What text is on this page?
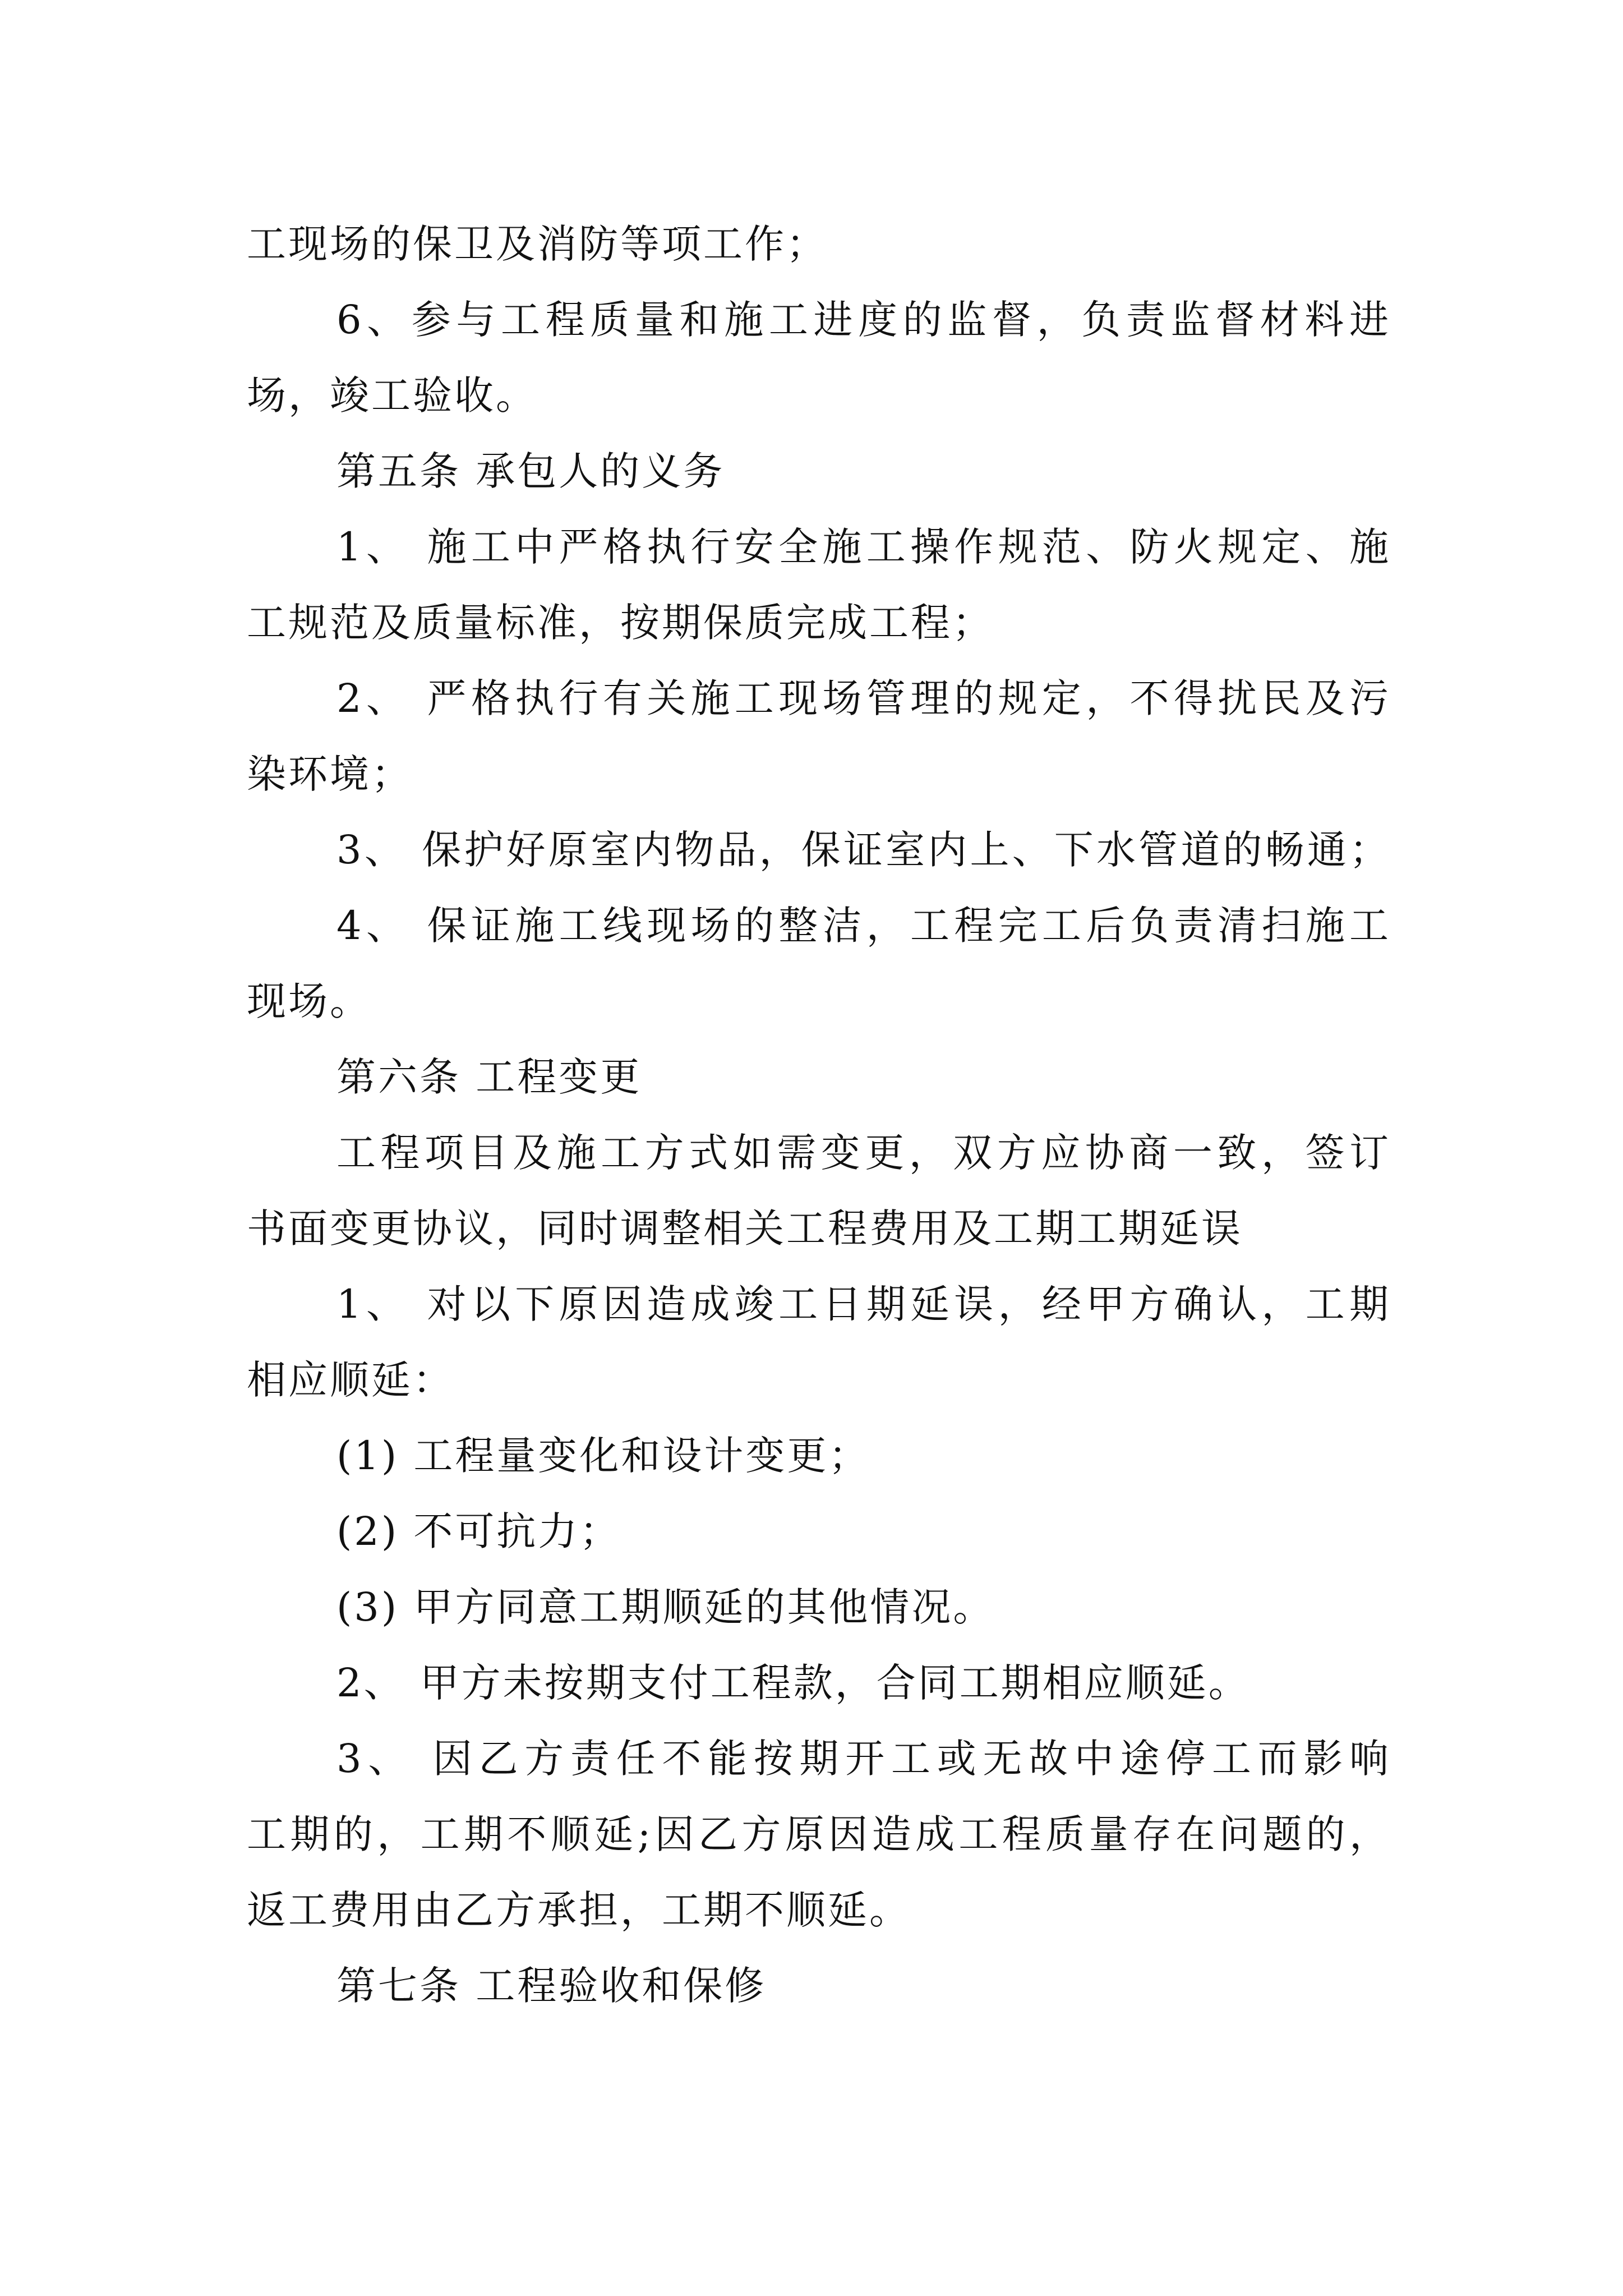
工现场的保卫及消防等项工作；
6、参与工程质量和施工进度的监督，负责监督材料进
场，竣工验收。
第五条 承包人的义务
1、 施工中严格执行安全施工操作规范、防火规定、施
工规范及质量标准，按期保质完成工程；
2、 严格执行有关施工现场管理的规定，不得扰民及污
染环境；
3、 保护好原室内物品，保证室内上、下水管道的畅通；
4、 保证施工线现场的整洁，工程完工后负责清扫施工
现场。
第六条 工程变更
工程项目及施工方式如需变更，双方应协商一致，签订
书面变更协议，同时调整相关工程费用及工期工期延误
1、 对以下原因造成竣工日期延误，经甲方确认，工期
相应顺延：
(1) 工程量变化和设计变更；
(2) 不可抗力；
(3) 甲方同意工期顺延的其他情况。
2、 甲方未按期支付工程款，合同工期相应顺延。
3、 因乙方责任不能按期开工或无故中途停工而影响
工期的，工期不顺延;因乙方原因造成工程质量存在问题的，
返工费用由乙方承担，工期不顺延。
第七条 工程验收和保修
